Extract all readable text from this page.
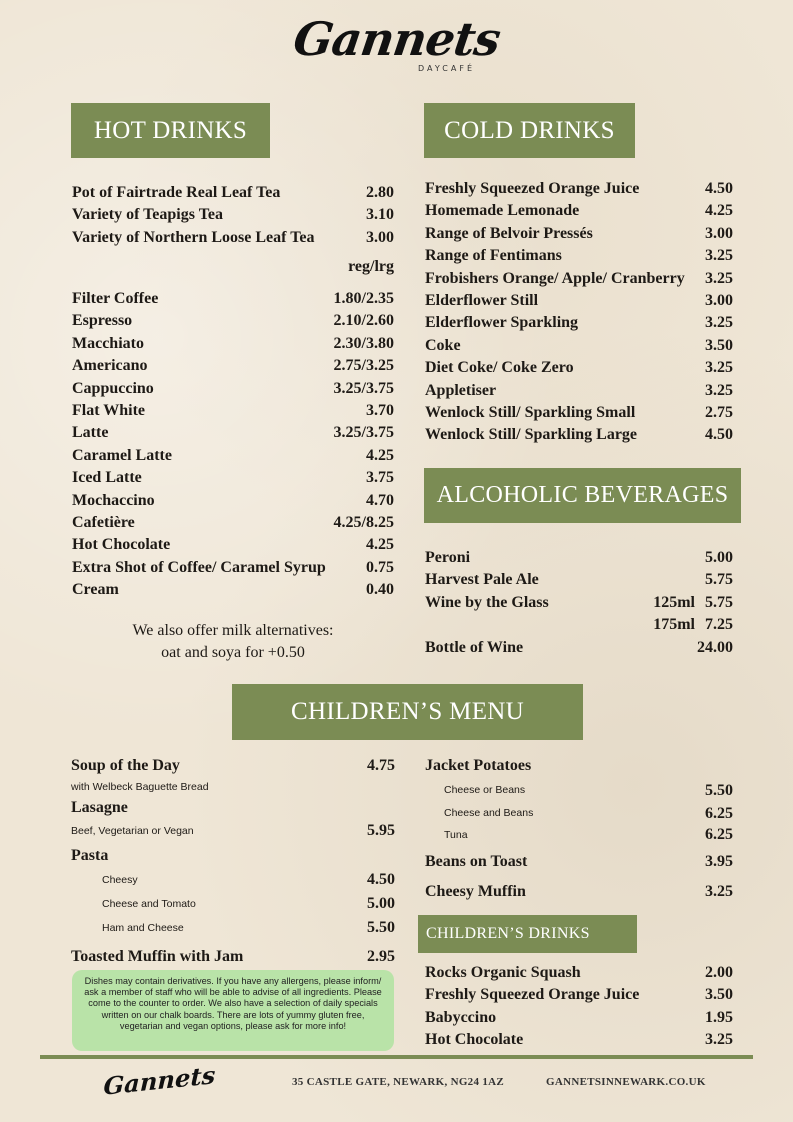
Gannets
DAYCAFÉ
HOT DRINKS
Pot of Fairtrade Real Leaf Tea	2.80
Variety of Teapigs Tea	3.10
Variety of Northern Loose Leaf Tea	3.00
reg/lrg
Filter Coffee	1.80/2.35
Espresso	2.10/2.60
Macchiato	2.30/3.80
Americano	2.75/3.25
Cappuccino	3.25/3.75
Flat White	3.70
Latte	3.25/3.75
Caramel Latte	4.25
Iced Latte	3.75
Mochaccino	4.70
Cafetière	4.25/8.25
Hot Chocolate	4.25
Extra Shot of Coffee/ Caramel Syrup	0.75
Cream	0.40
We also offer milk alternatives:
oat and soya for +0.50
COLD DRINKS
Freshly Squeezed Orange Juice	4.50
Homemade Lemonade	4.25
Range of Belvoir Pressés	3.00
Range of Fentimans	3.25
Frobishers Orange/ Apple/ Cranberry 3.25
Elderflower Still	3.00
Elderflower Sparkling	3.25
Coke	3.50
Diet Coke/ Coke Zero	3.25
Appletiser	3.25
Wenlock Still/ Sparkling Small	2.75
Wenlock Still/ Sparkling Large	4.50
ALCOHOLIC BEVERAGES
Peroni	5.00
Harvest Pale Ale	5.75
Wine by the Glass	125ml 5.75
175ml 7.25
Bottle of Wine	24.00
CHILDREN’S MENU
Soup of the Day	4.75
with Welbeck Baguette Bread
Lasagne
Beef, Vegetarian or Vegan	5.95
Pasta
Cheesy	4.50
Cheese and Tomato	5.00
Ham and Cheese	5.50
Toasted Muffin with Jam	2.95
Dishes may contain derivatives. If you have any allergens, please inform/ ask a member of staff who will be able to advise of all ingredients. Please come to the counter to order. We also have a selection of daily specials written on our chalk boards. There are lots of yummy gluten free, vegetarian and vegan options, please ask for more info!
Jacket Potatoes
Cheese or Beans	5.50
Cheese and Beans	6.25
Tuna	6.25
Beans on Toast	3.95
Cheesy Muffin	3.25
CHILDREN’S DRINKS
Rocks Organic Squash	2.00
Freshly Squeezed Orange Juice	3.50
Babyccino	1.95
Hot Chocolate	3.25
Gannets	35 CASTLE GATE, NEWARK, NG24 1AZ	GANNETSINNEWARK.CO.UK
